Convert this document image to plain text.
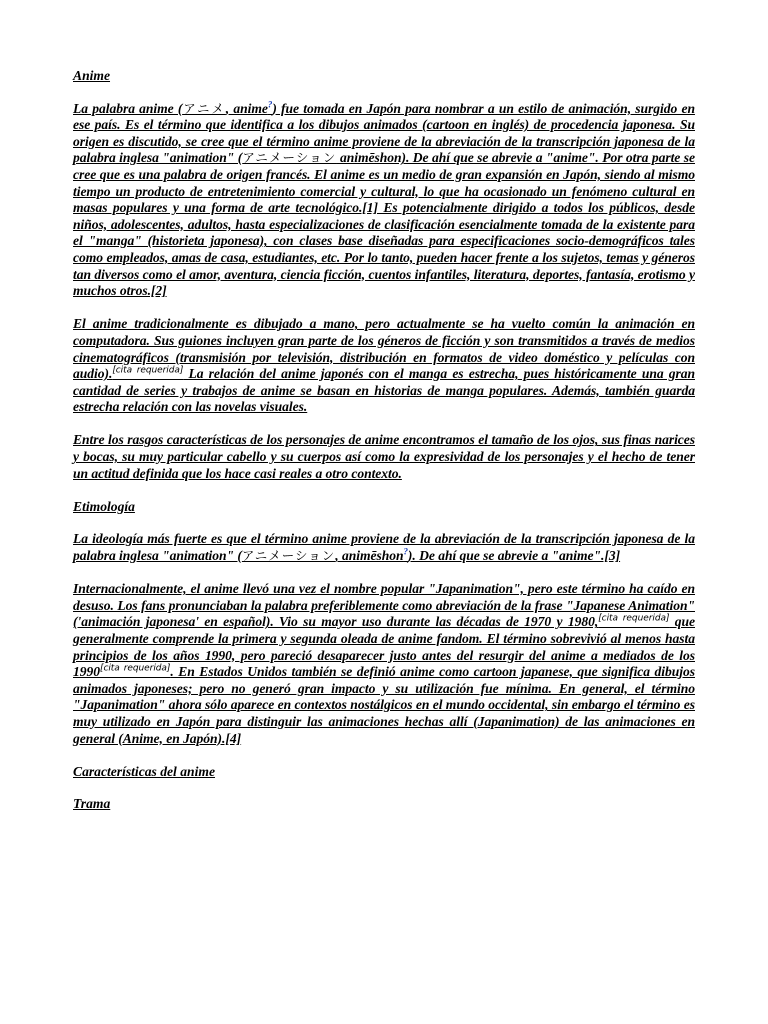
Anime

La palabra anime (アニメ, anime?) fue tomada en Japón para nombrar a un estilo de animación, surgido en ese país. Es el término que identifica a los dibujos animados (cartoon en inglés) de procedencia japonesa. Su origen es discutido, se cree que el término anime proviene de la abreviación de la transcripción japonesa de la palabra inglesa "animation" (アニメーション animēshon). De ahí que se abrevie a "anime". Por otra parte se cree que es una palabra de origen francés. El anime es un medio de gran expansión en Japón, siendo al mismo tiempo un producto de entretenimiento comercial y cultural, lo que ha ocasionado un fenómeno cultural en masas populares y una forma de arte tecnológico.[1] Es potencialmente dirigido a todos los públicos, desde niños, adolescentes, adultos, hasta especializaciones de clasificación esencialmente tomada de la existente para el "manga" (historieta japonesa), con clases base diseñadas para especificaciones socio-demográficos tales como empleados, amas de casa, estudiantes, etc. Por lo tanto, pueden hacer frente a los sujetos, temas y géneros tan diversos como el amor, aventura, ciencia ficción, cuentos infantiles, literatura, deportes, fantasía, erotismo y muchos otros.[2]

El anime tradicionalmente es dibujado a mano, pero actualmente se ha vuelto común la animación en computadora. Sus guiones incluyen gran parte de los géneros de ficción y son transmitidos a través de medios cinematográficos (transmisión por televisión, distribución en formatos de video doméstico y películas con audio).[cita requerida] La relación del anime japonés con el manga es estrecha, pues históricamente una gran cantidad de series y trabajos de anime se basan en historias de manga populares. Además, también guarda estrecha relación con las novelas visuales.

Entre los rasgos características de los personajes de anime encontramos el tamaño de los ojos, sus finas narices y bocas, su muy particular cabello y su cuerpos así como la expresividad de los personajes y el hecho de tener un actitud definida que los hace casi reales a otro contexto.

Etimología

La ideología más fuerte es que el término anime proviene de la abreviación de la transcripción japonesa de la palabra inglesa "animation" (アニメーション, animēshon?). De ahí que se abrevie a "anime".[3]

Internacionalmente, el anime llevó una vez el nombre popular "Japanimation", pero este término ha caído en desuso. Los fans pronunciaban la palabra preferiblemente como abreviación de la frase "Japanese Animation" ('animación japonesa' en español). Vio su mayor uso durante las décadas de 1970 y 1980,[cita requerida] que generalmente comprende la primera y segunda oleada de anime fandom. El término sobrevivió al menos hasta principios de los años 1990, pero pareció desaparecer justo antes del resurgir del anime a mediados de los 1990[cita requerida]. En Estados Unidos también se definió anime como cartoon japanese, que significa dibujos animados japoneses; pero no generó gran impacto y su utilización fue mínima. En general, el término "Japanimation" ahora sólo aparece en contextos nostálgicos en el mundo occidental, sin embargo el término es muy utilizado en Japón para distinguir las animaciones hechas allí (Japanimation) de las animaciones en general (Anime, en Japón).[4]

Características del anime
Trama
